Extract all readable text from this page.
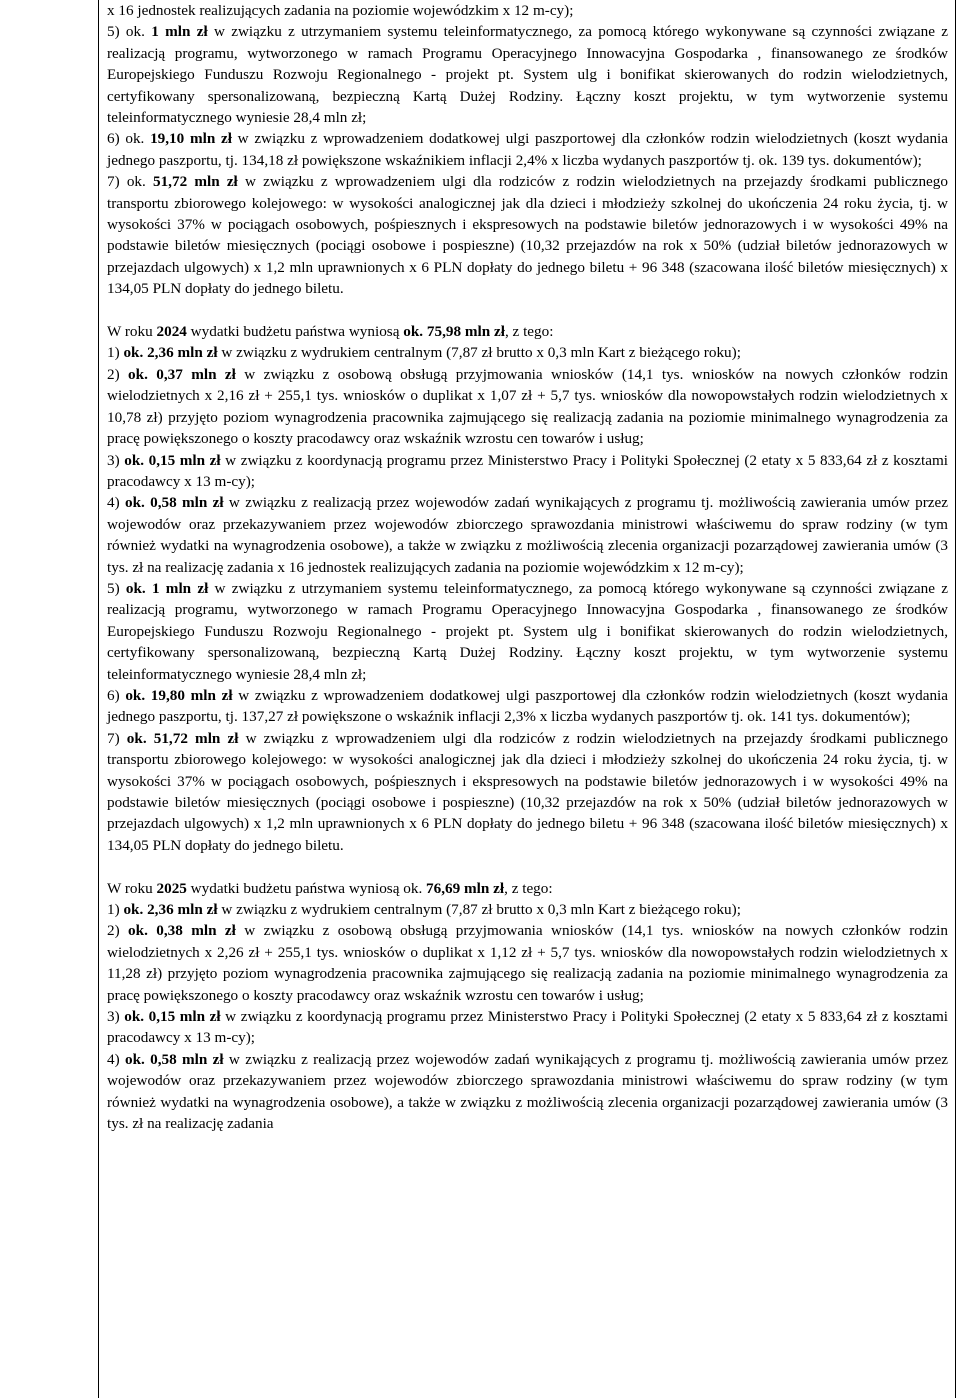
x 16 jednostek realizujących zadania na poziomie wojewódzkim x 12 m-cy);

5) ok. 1 mln zł w związku z utrzymaniem systemu teleinformatycznego, za pomocą którego wykonywane są czynności związane z realizacją programu, wytworzonego w ramach Programu Operacyjnego Innowacyjna Gospodarka , finansowanego ze środków Europejskiego Funduszu Rozwoju Regionalnego - projekt pt. System ulg i bonifikat skierowanych do rodzin wielodzietnych, certyfikowany spersonalizowaną, bezpieczną Kartą Dużej Rodziny. Łączny koszt projektu, w tym wytworzenie systemu teleinformatycznego wyniesie 28,4 mln zł;

6) ok. 19,10 mln zł w związku z wprowadzeniem dodatkowej ulgi paszportowej dla członków rodzin wielodzietnych (koszt wydania jednego paszportu, tj. 134,18 zł powiększone wskaźnikiem inflacji 2,4% x liczba wydanych paszportów tj. ok. 139 tys. dokumentów);

7) ok. 51,72 mln zł w związku z wprowadzeniem ulgi dla rodziców z rodzin wielodzietnych na przejazdy środkami publicznego transportu zbiorowego kolejowego: w wysokości analogicznej jak dla dzieci i młodzieży szkolnej do ukończenia 24 roku życia, tj. w wysokości 37% w pociągach osobowych, pośpiesznych i ekspresowych na podstawie biletów jednorazowych i w wysokości 49% na podstawie biletów miesięcznych (pociągi osobowe i pospieszne) (10,32 przejazdów na rok x 50% (udział biletów jednorazowych w przejazdach ulgowych) x 1,2 mln uprawnionych x 6 PLN dopłaty do jednego biletu + 96 348 (szacowana ilość biletów miesięcznych) x 134,05 PLN dopłaty do jednego biletu.

W roku 2024 wydatki budżetu państwa wyniosą ok. 75,98 mln zł, z tego:

1) ok. 2,36 mln zł w związku z wydrukiem centralnym (7,87 zł brutto x 0,3 mln Kart z bieżącego roku);

2) ok. 0,37 mln zł w związku z osobową obsługą przyjmowania wniosków (14,1 tys. wniosków na nowych członków rodzin wielodzietnych x 2,16 zł + 255,1 tys. wniosków o duplikat x 1,07 zł + 5,7 tys. wniosków dla nowopowstałych rodzin wielodzietnych x 10,78 zł) przyjęto poziom wynagrodzenia pracownika zajmującego się realizacją zadania na poziomie minimalnego wynagrodzenia za pracę powiększonego o koszty pracodawcy oraz wskaźnik wzrostu cen towarów i usług;

3) ok. 0,15 mln zł w związku z koordynacją programu przez Ministerstwo Pracy i Polityki Społecznej (2 etaty x 5 833,64 zł z kosztami pracodawcy x 13 m-cy);

4) ok. 0,58 mln zł w związku z realizacją przez wojewodów zadań wynikających z programu tj. możliwością zawierania umów przez wojewodów oraz przekazywaniem przez wojewodów zbiorczego sprawozdania ministrowi właściwemu do spraw rodziny (w tym również wydatki na wynagrodzenia osobowe), a także w związku z możliwością zlecenia organizacji pozarządowej zawierania umów (3 tys. zł na realizację zadania x 16 jednostek realizujących zadania na poziomie wojewódzkim x 12 m-cy);

5) ok. 1 mln zł w związku z utrzymaniem systemu teleinformatycznego, za pomocą którego wykonywane są czynności związane z realizacją programu, wytworzonego w ramach Programu Operacyjnego Innowacyjna Gospodarka , finansowanego ze środków Europejskiego Funduszu Rozwoju Regionalnego - projekt pt. System ulg i bonifikat skierowanych do rodzin wielodzietnych, certyfikowany spersonalizowaną, bezpieczną Kartą Dużej Rodziny. Łączny koszt projektu, w tym wytworzenie systemu teleinformatycznego wyniesie 28,4 mln zł;

6) ok. 19,80 mln zł w związku z wprowadzeniem dodatkowej ulgi paszportowej dla członków rodzin wielodzietnych (koszt wydania jednego paszportu, tj. 137,27 zł powiększone o wskaźnik inflacji 2,3% x liczba wydanych paszportów tj. ok. 141 tys. dokumentów);

7) ok. 51,72 mln zł w związku z wprowadzeniem ulgi dla rodziców z rodzin wielodzietnych na przejazdy środkami publicznego transportu zbiorowego kolejowego: w wysokości analogicznej jak dla dzieci i młodzieży szkolnej do ukończenia 24 roku życia, tj. w wysokości 37% w pociągach osobowych, pośpiesznych i ekspresowych na podstawie biletów jednorazowych i w wysokości 49% na podstawie biletów miesięcznych (pociągi osobowe i pospieszne) (10,32 przejazdów na rok x 50% (udział biletów jednorazowych w przejazdach ulgowych) x 1,2 mln uprawnionych x 6 PLN dopłaty do jednego biletu + 96 348 (szacowana ilość biletów miesięcznych) x 134,05 PLN dopłaty do jednego biletu.

W roku 2025 wydatki budżetu państwa wyniosą ok. 76,69 mln zł, z tego:

1) ok. 2,36 mln zł w związku z wydrukiem centralnym (7,87 zł brutto x 0,3 mln Kart z bieżącego roku);

2) ok. 0,38 mln zł w związku z osobową obsługą przyjmowania wniosków (14,1 tys. wniosków na nowych członków rodzin wielodzietnych x 2,26 zł + 255,1 tys. wniosków o duplikat x 1,12 zł + 5,7 tys. wniosków dla nowopowstałych rodzin wielodzietnych x 11,28 zł) przyjęto poziom wynagrodzenia pracownika zajmującego się realizacją zadania na poziomie minimalnego wynagrodzenia za pracę powiększonego o koszty pracodawcy oraz wskaźnik wzrostu cen towarów i usług;

3) ok. 0,15 mln zł w związku z koordynacją programu przez Ministerstwo Pracy i Polityki Społecznej (2 etaty x 5 833,64 zł z kosztami pracodawcy x 13 m-cy);

4) ok. 0,58 mln zł w związku z realizacją przez wojewodów zadań wynikających z programu tj. możliwością zawierania umów przez wojewodów oraz przekazywaniem przez wojewodów zbiorczego sprawozdania ministrowi właściwemu do spraw rodziny (w tym również wydatki na wynagrodzenia osobowe), a także w związku z możliwością zlecenia organizacji pozarządowej zawierania umów (3 tys. zł na realizację zadania
